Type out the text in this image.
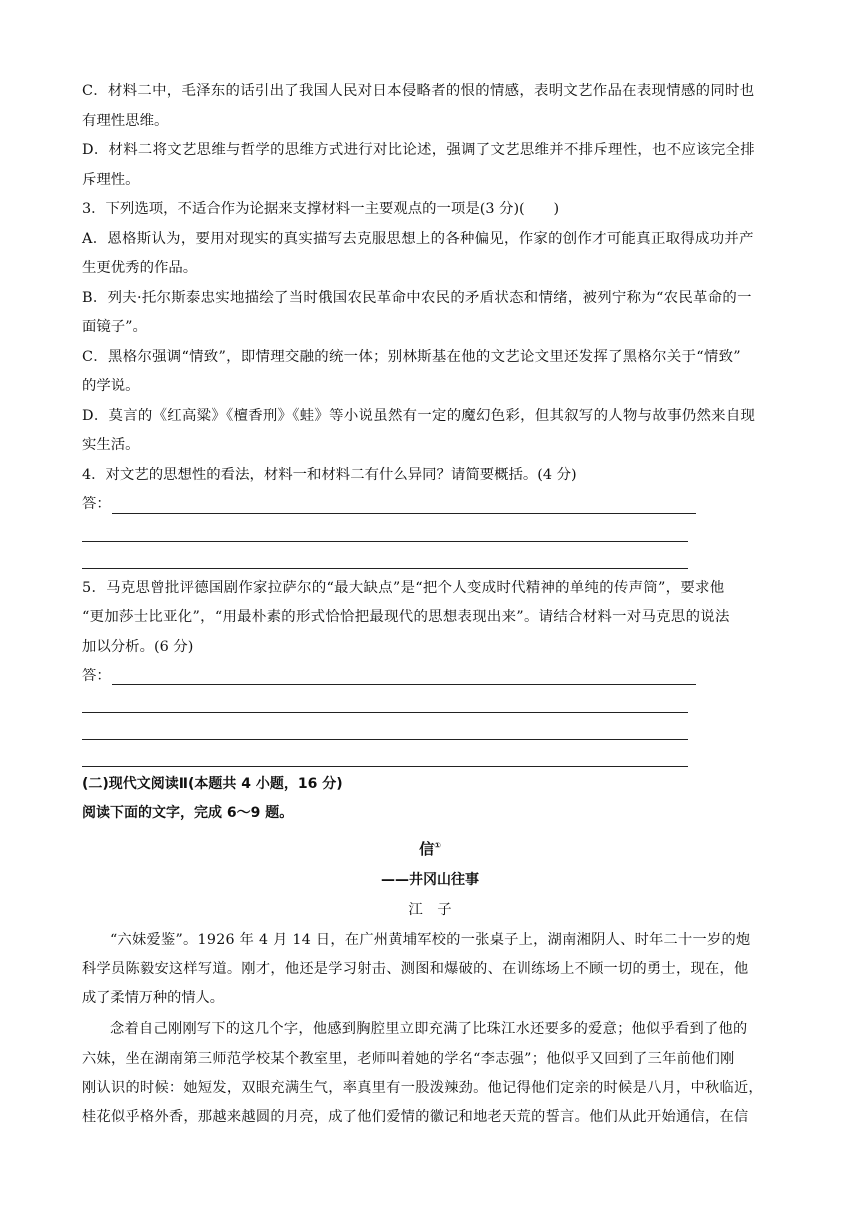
C．材料二中，毛泽东的话引出了我国人民对日本侵略者的恨的情感，表明文艺作品在表现情感的同时也
有理性思维。
D．材料二将文艺思维与哲学的思维方式进行对比论述，强调了文艺思维并不排斥理性，也不应该完全排
斥理性。
3．下列选项，不适合作为论据来支撑材料一主要观点的一项是(3 分)(　　)
A．恩格斯认为，要用对现实的真实描写去克服思想上的各种偏见，作家的创作才可能真正取得成功并产
生更优秀的作品。
B．列夫·托尔斯泰忠实地描绘了当时俄国农民革命中农民的矛盾状态和情绪，被列宁称为“农民革命的一
面镜子”。
C．黑格尔强调“情致”，即情理交融的统一体；别林斯基在他的文艺论文里还发挥了黑格尔关于“情致”
的学说。
D．莫言的《红高粱》《檀香刑》《蛙》等小说虽然有一定的魔幻色彩，但其叙写的人物与故事仍然来自现
实生活。
4．对文艺的思想性的看法，材料一和材料二有什么异同？请简要概括。(4 分)
答：
5．马克思曾批评德国剧作家拉萨尔的“最大缺点”是“把个人变成时代精神的单纯的传声筒”，要求他
“更加莎士比亚化”，“用最朴素的形式恰恰把最现代的思想表现出来”。请结合材料一对马克思的说法
加以分析。(6 分)
答：
(二)现代文阅读Ⅱ(本题共 4 小题，16 分)
阅读下面的文字，完成 6～9 题。
信①
——井冈山往事
江　子
“六妹爱鉴”。1926 年 4 月 14 日，在广州黄埔军校的一张桌子上，湖南湘阴人、时年二十一岁的炮
科学员陈毅安这样写道。刚才，他还是学习射击、测图和爆破的、在训练场上不顾一切的勇士，现在，他
成了柔情万种的情人。
念着自己刚刚写下的这几个字，他感到胸腔里立即充满了比珠江水还要多的爱意；他似乎看到了他的
六妹，坐在湖南第三师范学校某个教室里，老师叫着她的学名“李志强”；他似乎又回到了三年前他们刚
刚认识的时候：她短发，双眼充满生气，率真里有一股泼辣劲。他记得他们定亲的时候是八月，中秋临近，
桂花似乎格外香，那越来越圆的月亮，成了他们爱情的徽记和地老天荒的誓言。他们从此开始通信，在信
